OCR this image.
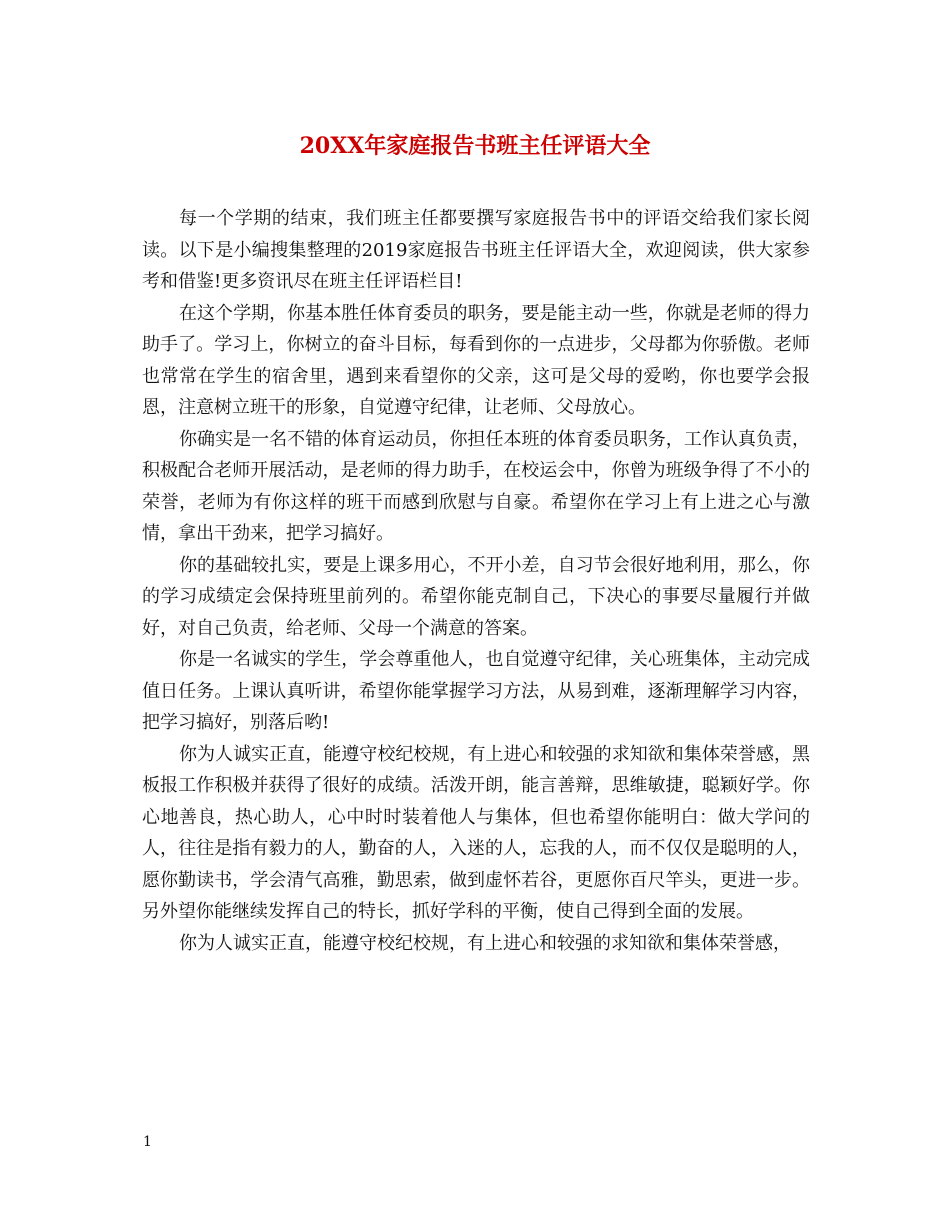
20XX年家庭报告书班主任评语大全

每一个学期的结束，我们班主任都要撰写家庭报告书中的评语交给我们家长阅读。以下是小编搜集整理的2019家庭报告书班主任评语大全，欢迎阅读，供大家参考和借鉴!更多资讯尽在班主任评语栏目!

在这个学期，你基本胜任体育委员的职务，要是能主动一些，你就是老师的得力助手了。学习上，你树立的奋斗目标，每看到你的一点进步，父母都为你骄傲。老师也常常在学生的宿舍里，遇到来看望你的父亲，这可是父母的爱哟，你也要学会报恩，注意树立班干的形象，自觉遵守纪律，让老师、父母放心。

你确实是一名不错的体育运动员，你担任本班的体育委员职务，工作认真负责，积极配合老师开展活动，是老师的得力助手，在校运会中，你曾为班级争得了不小的荣誉，老师为有你这样的班干而感到欣慰与自豪。希望你在学习上有上进之心与激情，拿出干劲来，把学习搞好。

你的基础较扎实，要是上课多用心，不开小差，自习节会很好地利用，那么，你的学习成绩定会保持班里前列的。希望你能克制自己，下决心的事要尽量履行并做好，对自己负责，给老师、父母一个满意的答案。

你是一名诚实的学生，学会尊重他人，也自觉遵守纪律，关心班集体，主动完成值日任务。上课认真听讲，希望你能掌握学习方法，从易到难，逐渐理解学习内容，把学习搞好，别落后哟!

你为人诚实正直，能遵守校纪校规，有上进心和较强的求知欲和集体荣誉感，黑板报工作积极并获得了很好的成绩。活泼开朗，能言善辩，思维敏捷，聪颖好学。你心地善良，热心助人，心中时时装着他人与集体，但也希望你能明白：做大学问的人，往往是指有毅力的人，勤奋的人，入迷的人，忘我的人，而不仅仅是聪明的人，愿你勤读书，学会清气高雅，勤思索，做到虚怀若谷，更愿你百尺竿头，更进一步。另外望你能继续发挥自己的特长，抓好学科的平衡，使自己得到全面的发展。

你为人诚实正直，能遵守校纪校规，有上进心和较强的求知欲和集体荣誉感，

1
